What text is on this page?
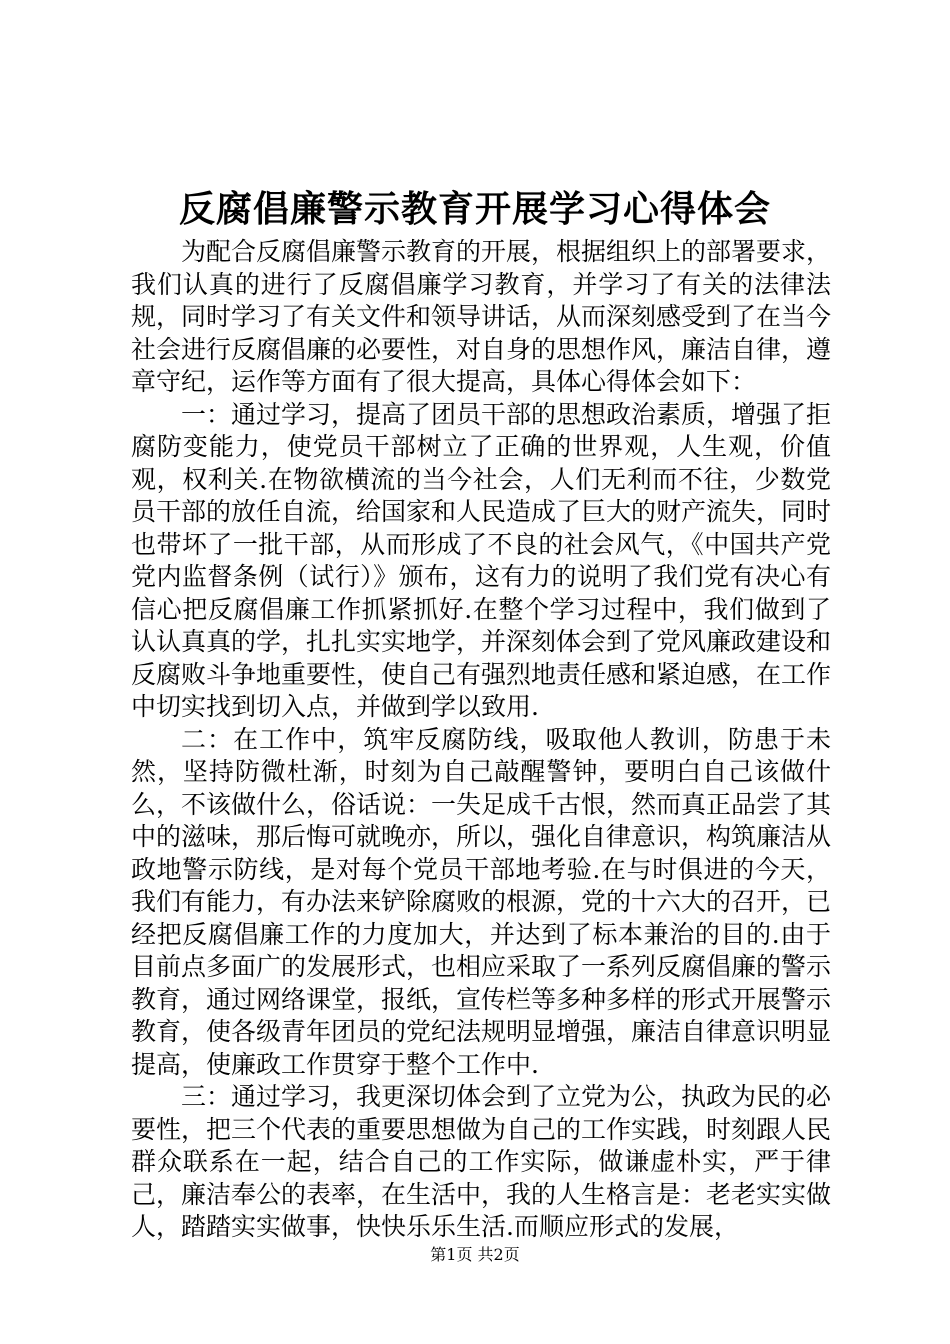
反腐倡廉警示教育开展学习心得体会

为配合反腐倡廉警示教育的开展，根据组织上的部署要求，我们认真的进行了反腐倡廉学习教育，并学习了有关的法律法规，同时学习了有关文件和领导讲话，从而深刻感受到了在当今社会进行反腐倡廉的必要性，对自身的思想作风，廉洁自律，遵章守纪，运作等方面有了很大提高，具体心得体会如下：

一：通过学习，提高了团员干部的思想政治素质，增强了拒腐防变能力，使党员干部树立了正确的世界观，人生观，价值观，权利关.在物欲横流的当今社会，人们无利而不往，少数党员干部的放任自流，给国家和人民造成了巨大的财产流失，同时也带坏了一批干部，从而形成了不良的社会风气，《中国共产党党内监督条例（试行）》颁布，这有力的说明了我们党有决心有信心把反腐倡廉工作抓紧抓好.在整个学习过程中，我们做到了认认真真的学，扎扎实实地学，并深刻体会到了党风廉政建设和反腐败斗争地重要性，使自己有强烈地责任感和紧迫感，在工作中切实找到切入点，并做到学以致用.

二：在工作中，筑牢反腐防线，吸取他人教训，防患于未然，坚持防微杜渐，时刻为自己敲醒警钟，要明白自己该做什么，不该做什么，俗话说：一失足成千古恨，然而真正品尝了其中的滋味，那后悔可就晚亦，所以，强化自律意识，构筑廉洁从政地警示防线，是对每个党员干部地考验.在与时俱进的今天，我们有能力，有办法来铲除腐败的根源，党的十六大的召开，已经把反腐倡廉工作的力度加大，并达到了标本兼治的目的.由于目前点多面广的发展形式，也相应采取了一系列反腐倡廉的警示教育，通过网络课堂，报纸，宣传栏等多种多样的形式开展警示教育，使各级青年团员的党纪法规明显增强，廉洁自律意识明显提高，使廉政工作贯穿于整个工作中.

三：通过学习，我更深切体会到了立党为公，执政为民的必要性，把三个代表的重要思想做为自己的工作实践，时刻跟人民群众联系在一起，结合自己的工作实际，做谦虚朴实，严于律己，廉洁奉公的表率，在生活中，我的人生格言是：老老实实做人，踏踏实实做事，快快乐乐生活.而顺应形式的发展，

第1页 共2页
